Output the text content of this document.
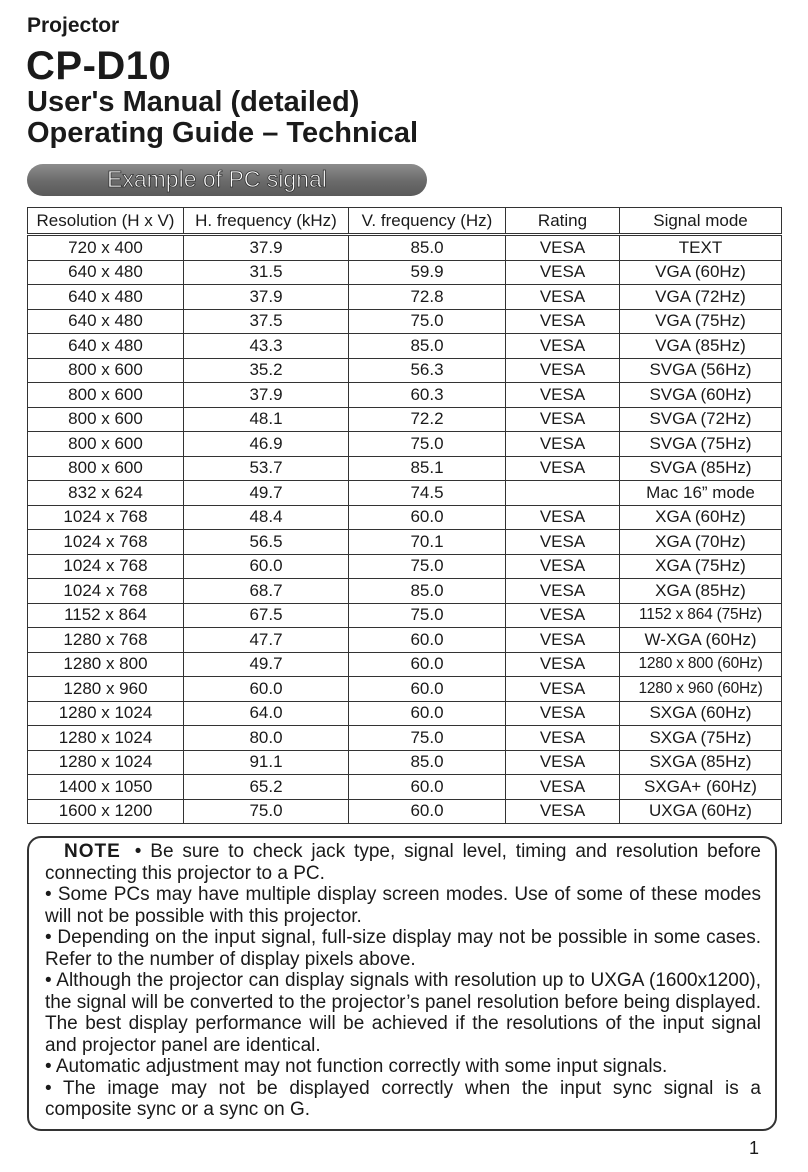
Projector
CP-D10
User's Manual (detailed)
Operating Guide – Technical
Example of PC signal
Resolution (H x V)	H. frequency (kHz)	V. frequency (Hz)	Rating	Signal mode
720 x 400	37.9	85.0	VESA	TEXT
640 x 480	31.5	59.9	VESA	VGA (60Hz)
640 x 480	37.9	72.8	VESA	VGA (72Hz)
640 x 480	37.5	75.0	VESA	VGA (75Hz)
640 x 480	43.3	85.0	VESA	VGA (85Hz)
800 x 600	35.2	56.3	VESA	SVGA (56Hz)
800 x 600	37.9	60.3	VESA	SVGA (60Hz)
800 x 600	48.1	72.2	VESA	SVGA (72Hz)
800 x 600	46.9	75.0	VESA	SVGA (75Hz)
800 x 600	53.7	85.1	VESA	SVGA (85Hz)
832 x 624	49.7	74.5		Mac 16” mode
1024 x 768	48.4	60.0	VESA	XGA (60Hz)
1024 x 768	56.5	70.1	VESA	XGA (70Hz)
1024 x 768	60.0	75.0	VESA	XGA (75Hz)
1024 x 768	68.7	85.0	VESA	XGA (85Hz)
1152 x 864	67.5	75.0	VESA	1152 x 864 (75Hz)
1280 x 768	47.7	60.0	VESA	W-XGA (60Hz)
1280 x 800	49.7	60.0	VESA	1280 x 800 (60Hz)
1280 x 960	60.0	60.0	VESA	1280 x 960 (60Hz)
1280 x 1024	64.0	60.0	VESA	SXGA (60Hz)
1280 x 1024	80.0	75.0	VESA	SXGA (75Hz)
1280 x 1024	91.1	85.0	VESA	SXGA (85Hz)
1400 x 1050	65.2	60.0	VESA	SXGA+ (60Hz)
1600 x 1200	75.0	60.0	VESA	UXGA (60Hz)

NOTE • Be sure to check jack type, signal level, timing and resolution before connecting this projector to a PC.

• Some PCs may have multiple display screen modes. Use of some of these modes will not be possible with this projector.

• Depending on the input signal, full-size display may not be possible in some cases. Refer to the number of display pixels above.

• Although the projector can display signals with resolution up to UXGA (1600x1200), the signal will be converted to the projector’s panel resolution before being displayed. The best display performance will be achieved if the resolutions of the input signal and projector panel are identical.

• Automatic adjustment may not function correctly with some input signals.

• The image may not be displayed correctly when the input sync signal is a composite sync or a sync on G.

1
